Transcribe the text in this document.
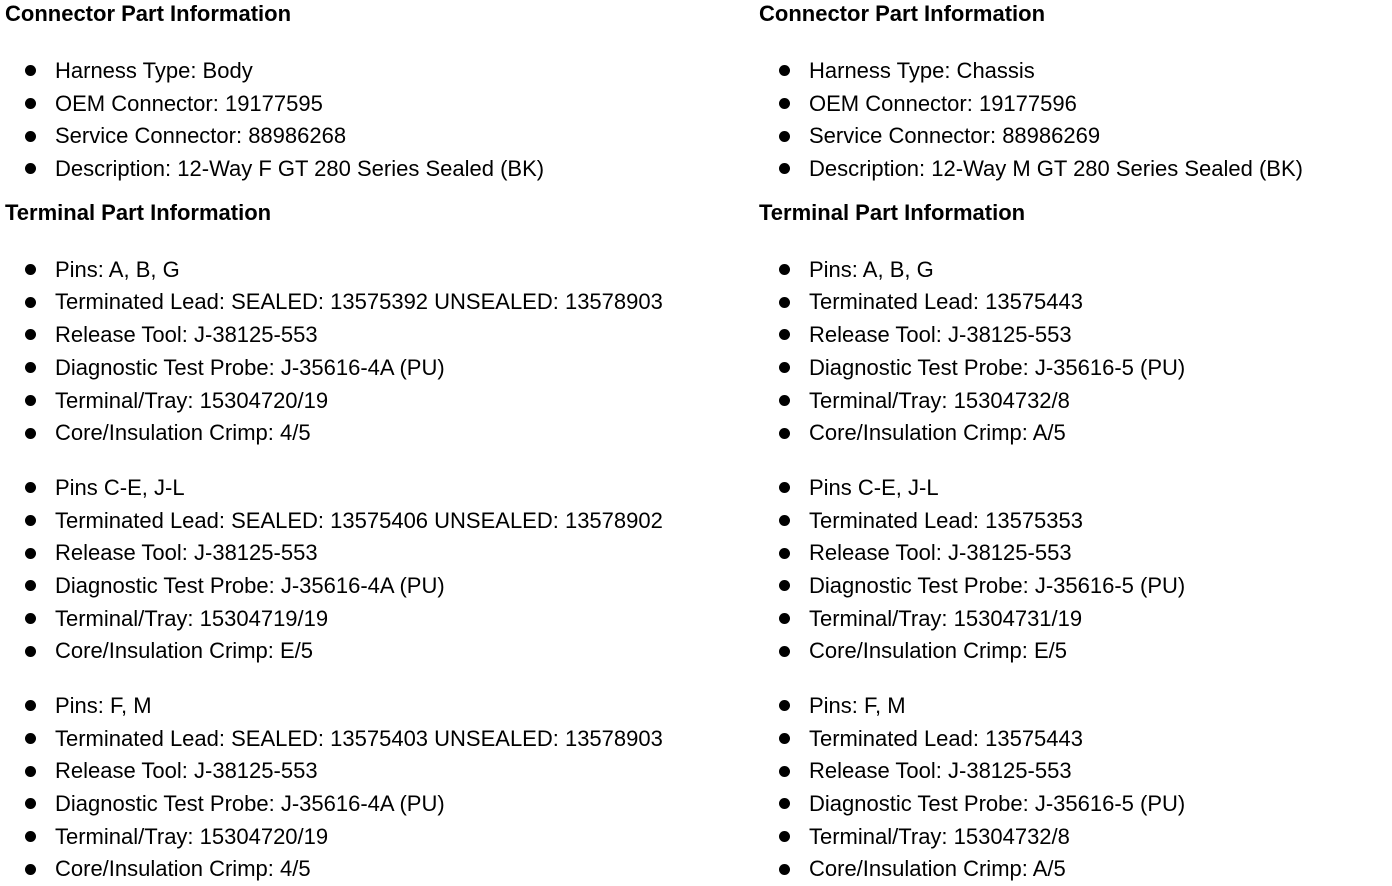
Connector Part Information
Harness Type: Body
OEM Connector: 19177595
Service Connector: 88986268
Description: 12-Way F GT 280 Series Sealed (BK)
Terminal Part Information
Pins: A, B, G
Terminated Lead: SEALED: 13575392 UNSEALED: 13578903
Release Tool: J-38125-553
Diagnostic Test Probe: J-35616-4A (PU)
Terminal/Tray: 15304720/19
Core/Insulation Crimp: 4/5
Pins C-E, J-L
Terminated Lead: SEALED: 13575406 UNSEALED: 13578902
Release Tool: J-38125-553
Diagnostic Test Probe: J-35616-4A (PU)
Terminal/Tray: 15304719/19
Core/Insulation Crimp: E/5
Pins: F, M
Terminated Lead: SEALED: 13575403 UNSEALED: 13578903
Release Tool: J-38125-553
Diagnostic Test Probe: J-35616-4A (PU)
Terminal/Tray: 15304720/19
Core/Insulation Crimp: 4/5
Connector Part Information
Harness Type: Chassis
OEM Connector: 19177596
Service Connector: 88986269
Description: 12-Way M GT 280 Series Sealed (BK)
Terminal Part Information
Pins: A, B, G
Terminated Lead: 13575443
Release Tool: J-38125-553
Diagnostic Test Probe: J-35616-5 (PU)
Terminal/Tray: 15304732/8
Core/Insulation Crimp: A/5
Pins C-E, J-L
Terminated Lead: 13575353
Release Tool: J-38125-553
Diagnostic Test Probe: J-35616-5 (PU)
Terminal/Tray: 15304731/19
Core/Insulation Crimp: E/5
Pins: F, M
Terminated Lead: 13575443
Release Tool: J-38125-553
Diagnostic Test Probe: J-35616-5 (PU)
Terminal/Tray: 15304732/8
Core/Insulation Crimp: A/5
